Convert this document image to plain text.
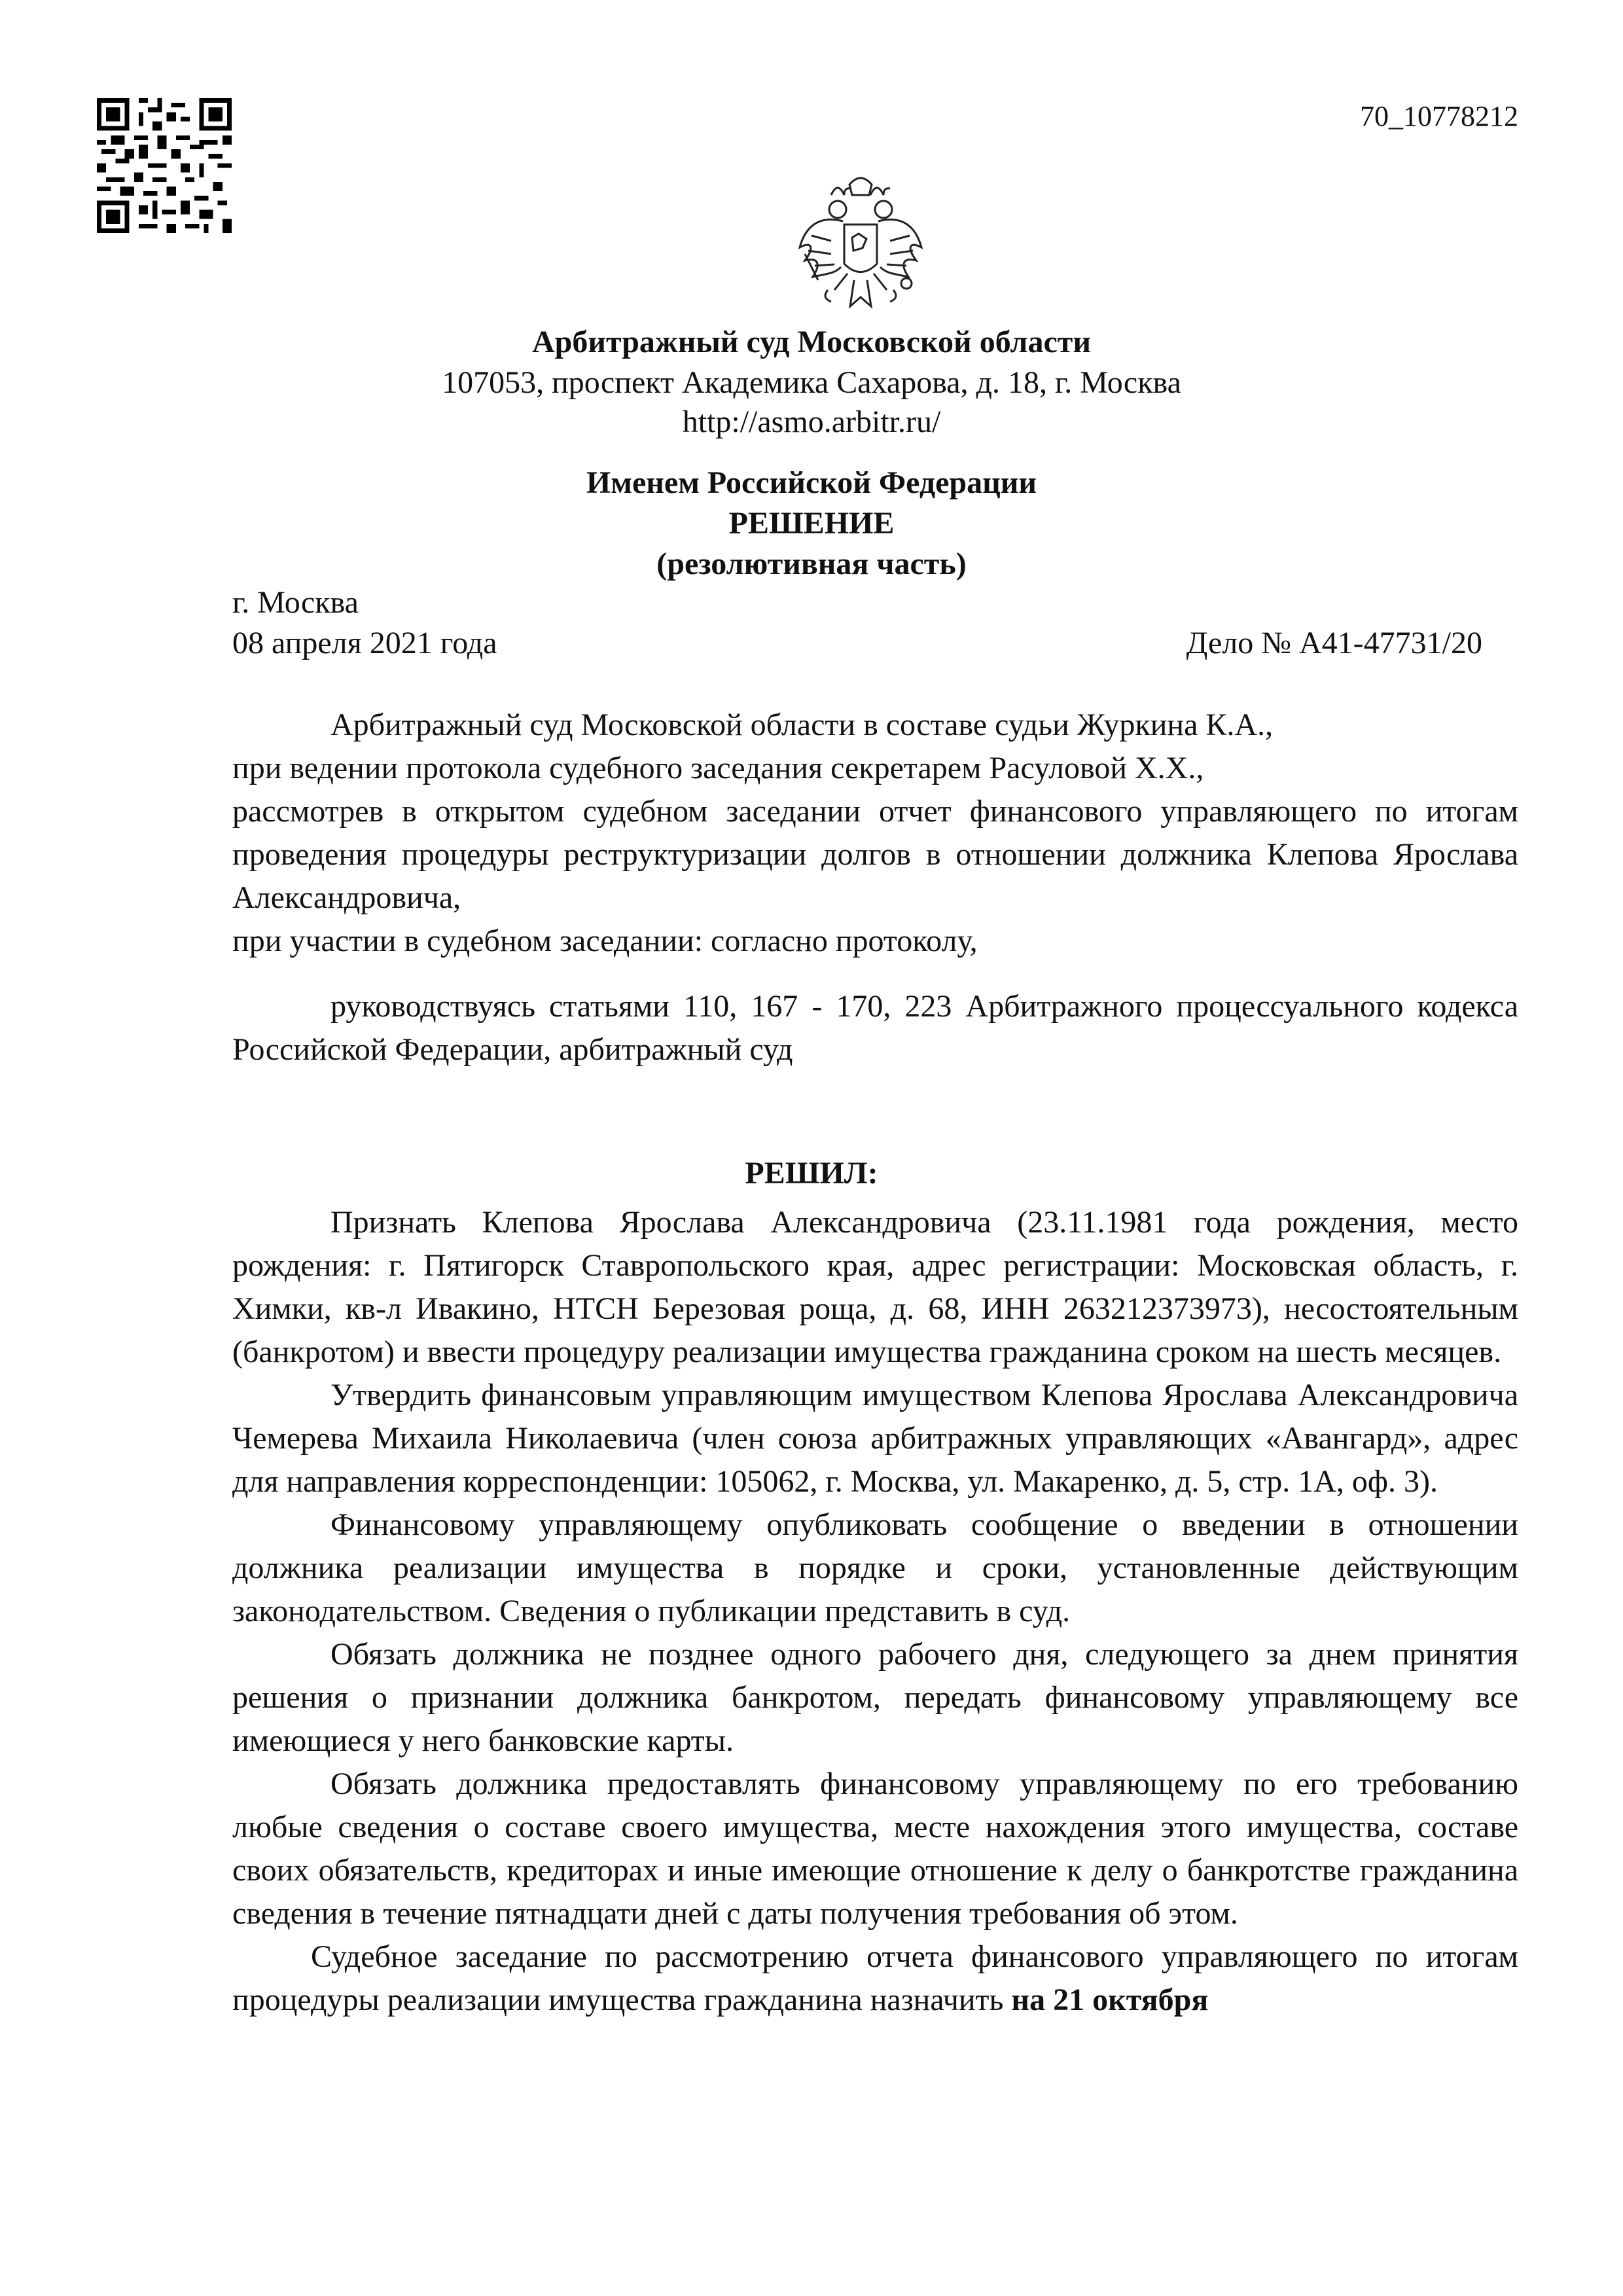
70_10778212
Арбитражный суд Московской области
107053, проспект Академика Сахарова, д. 18, г. Москва
http://asmo.arbitr.ru/
Именем Российской Федерации
РЕШЕНИЕ
(резолютивная часть)
г. Москва
08 апреля 2021 года	Дело № А41-47731/20

Арбитражный суд Московской области в составе судьи Журкина К.А.,

при ведении протокола судебного заседания секретарем Расуловой Х.Х.,

рассмотрев в открытом судебном заседании отчет финансового управляющего по итогам проведения процедуры реструктуризации долгов в отношении должника Клепова Ярослава Александровича,

при участии в судебном заседании: согласно протоколу,

руководствуясь статьями 110, 167 - 170, 223 Арбитражного процессуального кодекса Российской Федерации, арбитражный суд

РЕШИЛ:

Признать Клепова Ярослава Александровича (23.11.1981 года рождения, место рождения: г. Пятигорск Ставропольского края, адрес регистрации: Московская область, г. Химки, кв-л Ивакино, НТСН Березовая роща, д. 68, ИНН 263212373973), несостоятельным (банкротом) и ввести процедуру реализации имущества гражданина сроком на шесть месяцев.

Утвердить финансовым управляющим имуществом Клепова Ярослава Александровича Чемерева Михаила Николаевича (член союза арбитражных управляющих «Авангард», адрес для направления корреспонденции: 105062, г. Москва, ул. Макаренко, д. 5, стр. 1А, оф. 3).

Финансовому управляющему опубликовать сообщение о введении в отношении должника реализации имущества в порядке и сроки, установленные действующим законодательством. Сведения о публикации представить в суд.

Обязать должника не позднее одного рабочего дня, следующего за днем принятия решения о признании должника банкротом, передать финансовому управляющему все имеющиеся у него банковские карты.

Обязать должника предоставлять финансовому управляющему по его требованию любые сведения о составе своего имущества, месте нахождения этого имущества, составе своих обязательств, кредиторах и иные имеющие отношение к делу о банкротстве гражданина сведения в течение пятнадцати дней с даты получения требования об этом.

Судебное заседание по рассмотрению отчета финансового управляющего по итогам процедуры реализации имущества гражданина назначить на 21 октября
